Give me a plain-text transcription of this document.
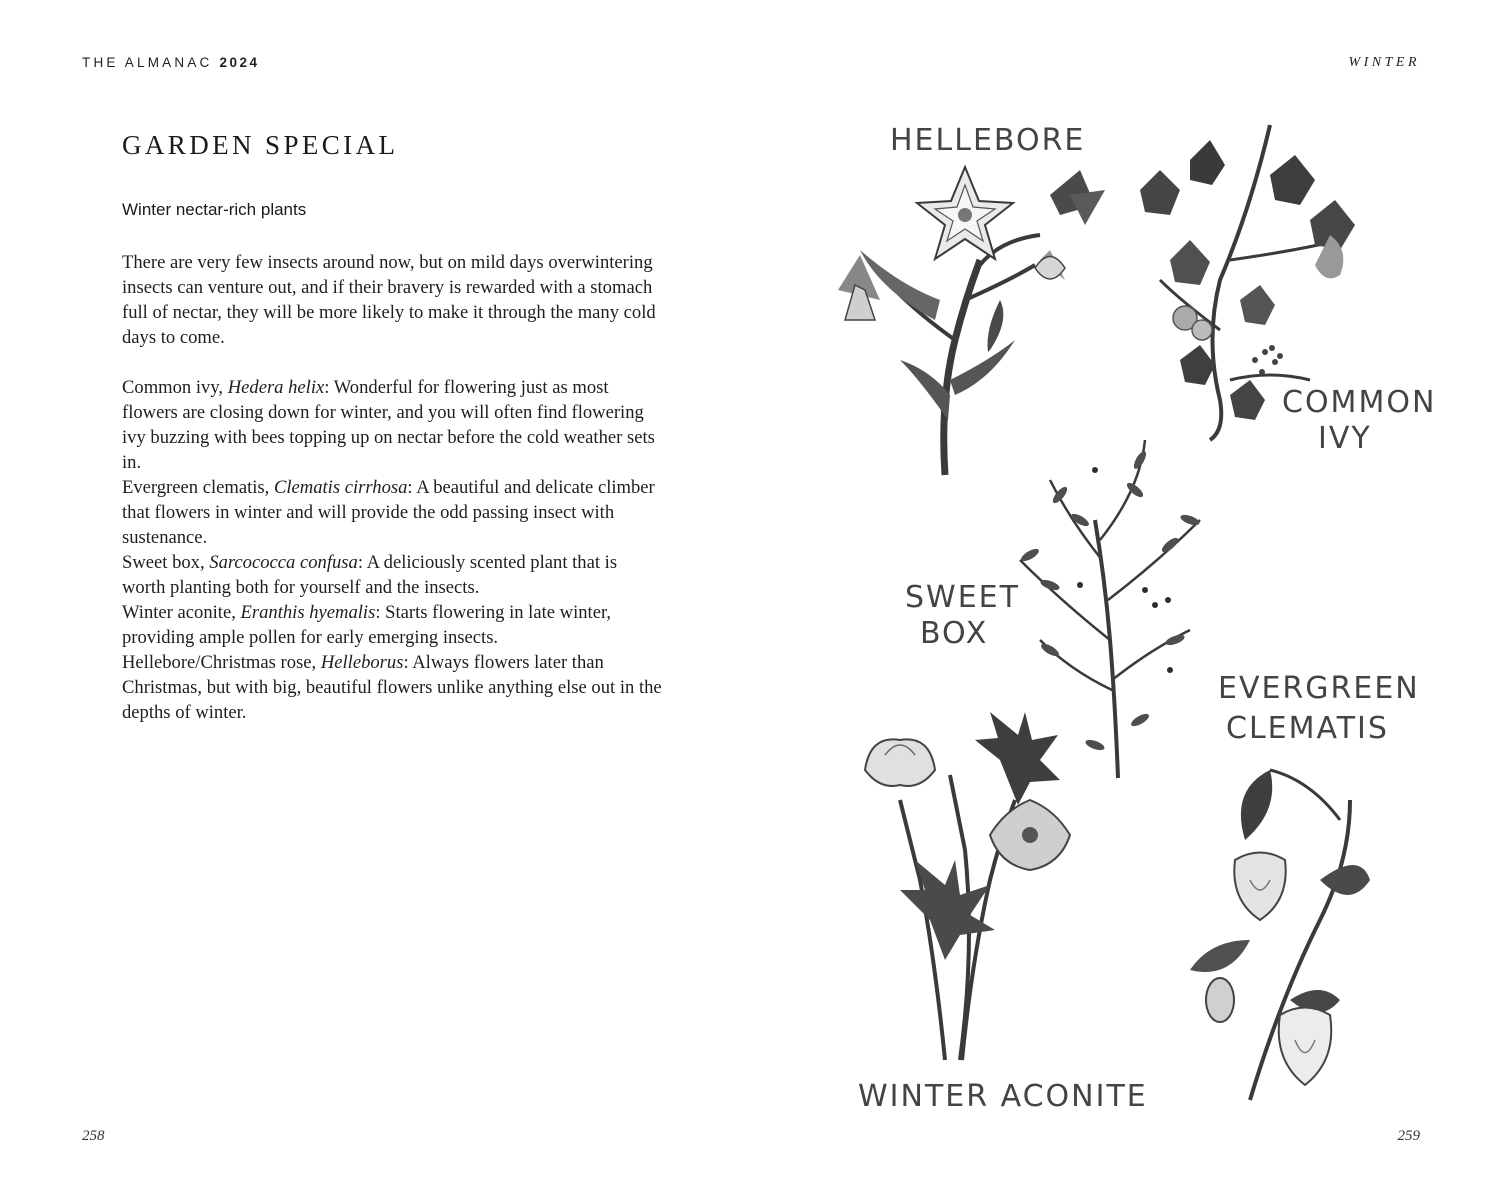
THE ALMANAC 2024
GARDEN SPECIAL
Winter nectar-rich plants

There are very few insects around now, but on mild days overwintering insects can venture out, and if their bravery is rewarded with a stomach full of nectar, they will be more likely to make it through the many cold days to come.

Common ivy, Hedera helix: Wonderful for flowering just as most flowers are closing down for winter, and you will often find flowering ivy buzzing with bees topping up on nectar before the cold weather sets in.

Evergreen clematis, Clematis cirrhosa: A beautiful and delicate climber that flowers in winter and will provide the odd passing insect with sustenance.

Sweet box, Sarcococca confusa: A deliciously scented plant that is worth planting both for yourself and the insects.

Winter aconite, Eranthis hyemalis: Starts flowering in late winter, providing ample pollen for early emerging insects.

Hellebore/Christmas rose, Helleborus: Always flowers later than Christmas, but with big, beautiful flowers unlike anything else out in the depths of winter.

258
WINTER
HELLEBORE
COMMON
IVY
SWEET
BOX
EVERGREEN
CLEMATIS
WINTER ACONITE
259
